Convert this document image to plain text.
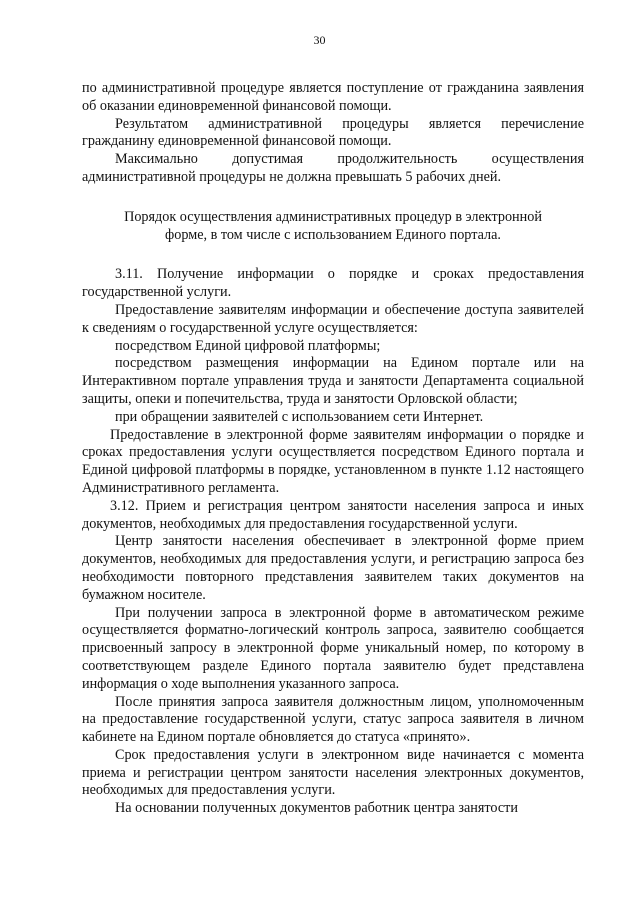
30

по административной процедуре является поступление от гражданина заявления об оказании единовременной финансовой помощи.

Результатом административной процедуры является перечисление гражданину единовременной финансовой помощи.

Максимально допустимая продолжительность осуществления административной процедуры не должна превышать 5 рабочих дней.

Порядок осуществления административных процедур в электронной форме, в том числе с использованием Единого портала.

3.11. Получение информации о порядке и сроках предоставления государственной услуги.

Предоставление заявителям информации и обеспечение доступа заявителей к сведениям о государственной услуге осуществляется:

посредством Единой цифровой платформы;

посредством размещения информации на Едином портале или на Интерактивном портале управления труда и занятости Департамента социальной защиты, опеки и попечительства, труда и занятости Орловской области;

при обращении заявителей с использованием сети Интернет.

Предоставление в электронной форме заявителям информации о порядке и сроках предоставления услуги осуществляется посредством Единого портала и Единой цифровой платформы в порядке, установленном в пункте 1.12 настоящего Административного регламента.

3.12. Прием и регистрация центром занятости населения запроса и иных документов, необходимых для предоставления государственной услуги.

Центр занятости населения обеспечивает в электронной форме прием документов, необходимых для предоставления услуги, и регистрацию запроса без необходимости повторного представления заявителем таких документов на бумажном носителе.

При получении запроса в электронной форме в автоматическом режиме осуществляется форматно-логический контроль запроса, заявителю сообщается присвоенный запросу в электронной форме уникальный номер, по которому в соответствующем разделе Единого портала заявителю будет представлена информация о ходе выполнения указанного запроса.

После принятия запроса заявителя должностным лицом, уполномоченным на предоставление государственной услуги, статус запроса заявителя в личном кабинете на Едином портале обновляется до статуса «принято».

Срок предоставления услуги в электронном виде начинается с момента приема и регистрации центром занятости населения электронных документов, необходимых для предоставления услуги.

На основании полученных документов работник центра занятости
